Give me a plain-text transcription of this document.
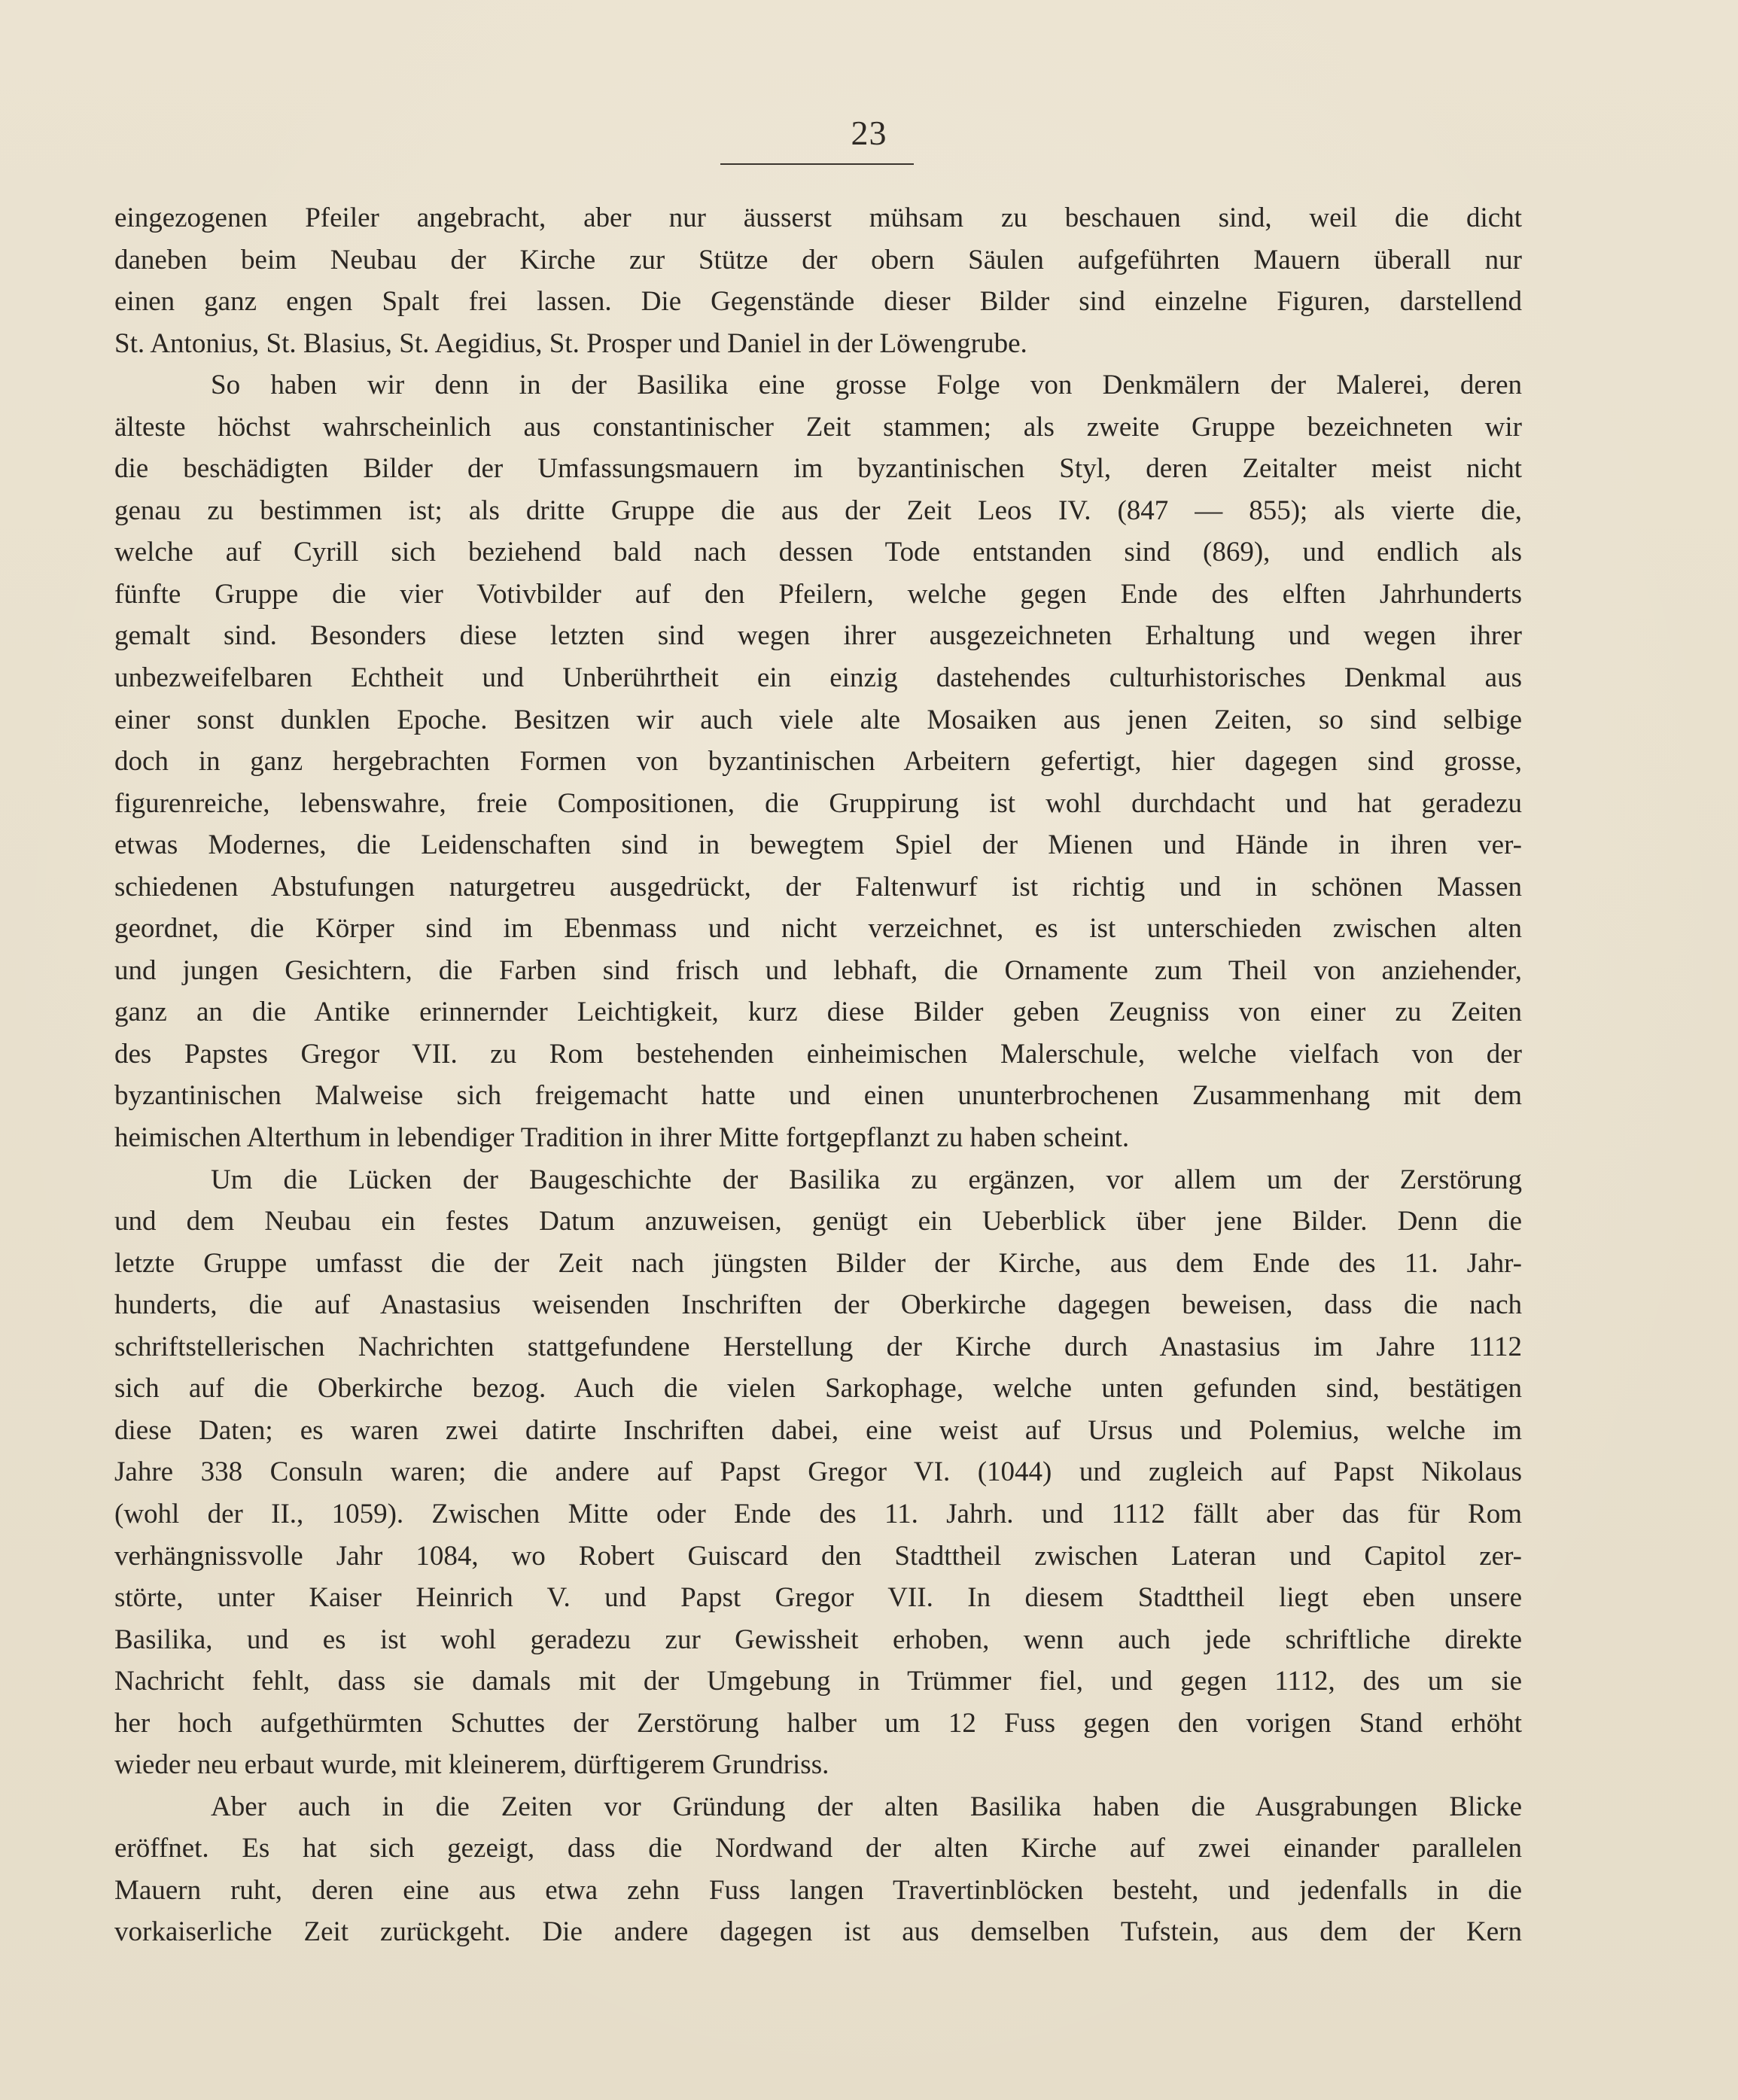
23
eingezogenen Pfeiler angebracht, aber nur äusserst mühsam zu beschauen sind, weil die dicht
daneben beim Neubau der Kirche zur Stütze der obern Säulen aufgeführten Mauern überall nur
einen ganz engen Spalt frei lassen. Die Gegenstände dieser Bilder sind einzelne Figuren, darstellend
St. Antonius, St. Blasius, St. Aegidius, St. Prosper und Daniel in der Löwengrube.
So haben wir denn in der Basilika eine grosse Folge von Denkmälern der Malerei, deren
älteste höchst wahrscheinlich aus constantinischer Zeit stammen; als zweite Gruppe bezeichneten wir
die beschädigten Bilder der Umfassungsmauern im byzantinischen Styl, deren Zeitalter meist nicht
genau zu bestimmen ist; als dritte Gruppe die aus der Zeit Leos IV. (847 — 855); als vierte die,
welche auf Cyrill sich beziehend bald nach dessen Tode entstanden sind (869), und endlich als
fünfte Gruppe die vier Votivbilder auf den Pfeilern, welche gegen Ende des elften Jahrhunderts
gemalt sind. Besonders diese letzten sind wegen ihrer ausgezeichneten Erhaltung und wegen ihrer
unbezweifelbaren Echtheit und Unberührtheit ein einzig dastehendes culturhistorisches Denkmal aus
einer sonst dunklen Epoche. Besitzen wir auch viele alte Mosaiken aus jenen Zeiten, so sind selbige
doch in ganz hergebrachten Formen von byzantinischen Arbeitern gefertigt, hier dagegen sind grosse,
figurenreiche, lebenswahre, freie Compositionen, die Gruppirung ist wohl durchdacht und hat geradezu
etwas Modernes, die Leidenschaften sind in bewegtem Spiel der Mienen und Hände in ihren ver-
schiedenen Abstufungen naturgetreu ausgedrückt, der Faltenwurf ist richtig und in schönen Massen
geordnet, die Körper sind im Ebenmass und nicht verzeichnet, es ist unterschieden zwischen alten
und jungen Gesichtern, die Farben sind frisch und lebhaft, die Ornamente zum Theil von anziehender,
ganz an die Antike erinnernder Leichtigkeit, kurz diese Bilder geben Zeugniss von einer zu Zeiten
des Papstes Gregor VII. zu Rom bestehenden einheimischen Malerschule, welche vielfach von der
byzantinischen Malweise sich freigemacht hatte und einen ununterbrochenen Zusammenhang mit dem
heimischen Alterthum in lebendiger Tradition in ihrer Mitte fortgepflanzt zu haben scheint.
Um die Lücken der Baugeschichte der Basilika zu ergänzen, vor allem um der Zerstörung
und dem Neubau ein festes Datum anzuweisen, genügt ein Ueberblick über jene Bilder. Denn die
letzte Gruppe umfasst die der Zeit nach jüngsten Bilder der Kirche, aus dem Ende des 11. Jahr-
hunderts, die auf Anastasius weisenden Inschriften der Oberkirche dagegen beweisen, dass die nach
schriftstellerischen Nachrichten stattgefundene Herstellung der Kirche durch Anastasius im Jahre 1112
sich auf die Oberkirche bezog. Auch die vielen Sarkophage, welche unten gefunden sind, bestätigen
diese Daten; es waren zwei datirte Inschriften dabei, eine weist auf Ursus und Polemius, welche im
Jahre 338 Consuln waren; die andere auf Papst Gregor VI. (1044) und zugleich auf Papst Nikolaus
(wohl der II., 1059). Zwischen Mitte oder Ende des 11. Jahrh. und 1112 fällt aber das für Rom
verhängnissvolle Jahr 1084, wo Robert Guiscard den Stadttheil zwischen Lateran und Capitol zer-
störte, unter Kaiser Heinrich V. und Papst Gregor VII. In diesem Stadttheil liegt eben unsere
Basilika, und es ist wohl geradezu zur Gewissheit erhoben, wenn auch jede schriftliche direkte
Nachricht fehlt, dass sie damals mit der Umgebung in Trümmer fiel, und gegen 1112, des um sie
her hoch aufgethürmten Schuttes der Zerstörung halber um 12 Fuss gegen den vorigen Stand erhöht
wieder neu erbaut wurde, mit kleinerem, dürftigerem Grundriss.
Aber auch in die Zeiten vor Gründung der alten Basilika haben die Ausgrabungen Blicke
eröffnet. Es hat sich gezeigt, dass die Nordwand der alten Kirche auf zwei einander parallelen
Mauern ruht, deren eine aus etwa zehn Fuss langen Travertinblöcken besteht, und jedenfalls in die
vorkaiserliche Zeit zurückgeht. Die andere dagegen ist aus demselben Tufstein, aus dem der Kern
